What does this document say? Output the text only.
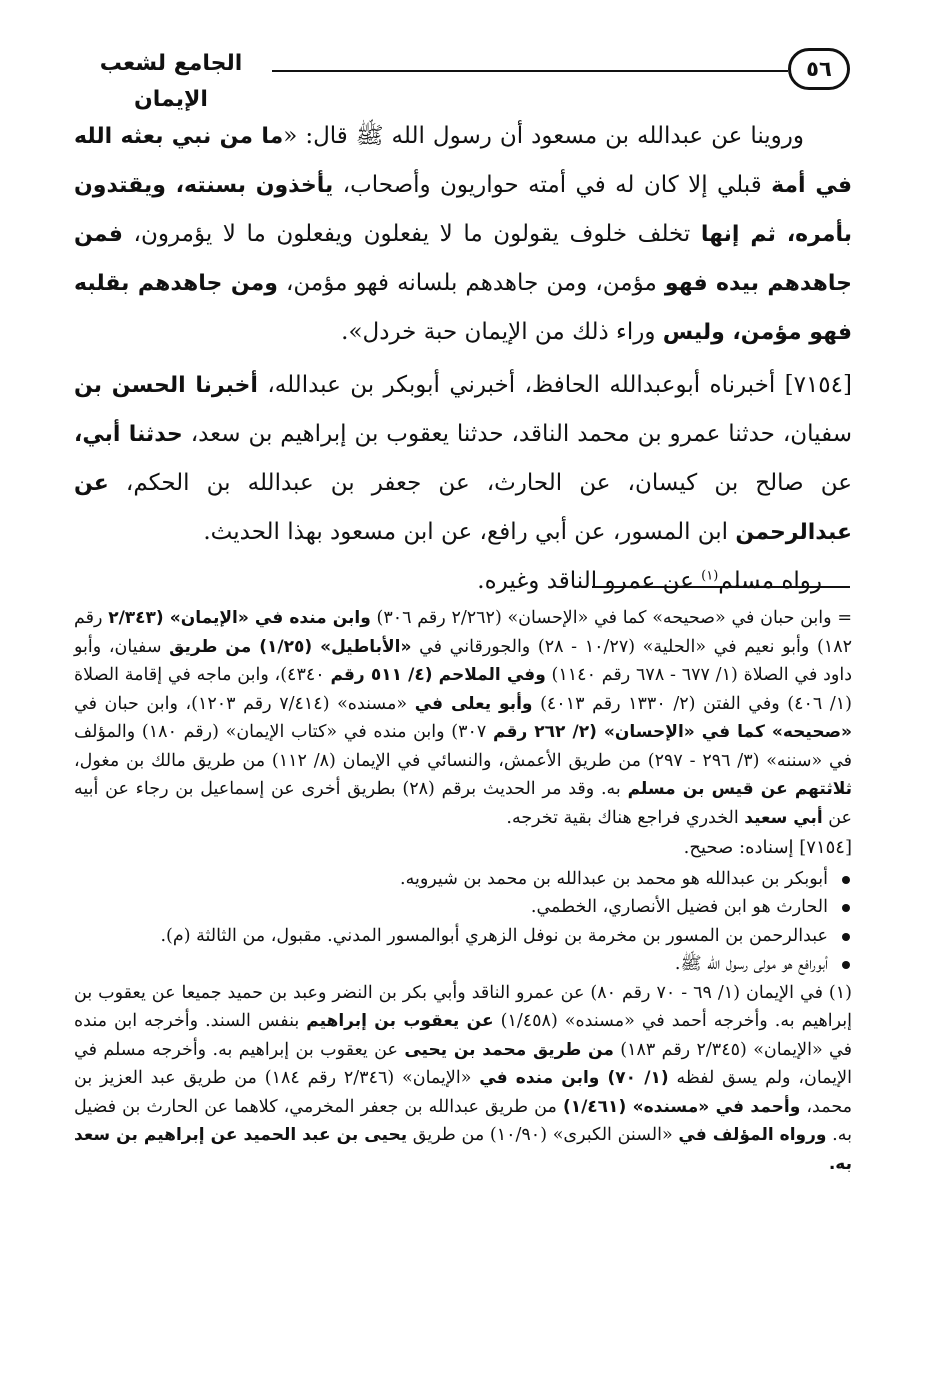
٥٦
الجامع لشعب الإيمان

وروينا عن عبدالله بن مسعود أن رسول الله ﷺ قال: «ما من نبي بعثه الله في أمة قبلي إلا كان له في أمته حواريون وأصحاب، يأخذون بسنته، ويقتدون بأمره، ثم إنها تخلف خلوف يقولون ما لا يفعلون ويفعلون ما لا يؤمرون، فمن جاهدهم بيده فهو مؤمن، ومن جاهدهم بلسانه فهو مؤمن، ومن جاهدهم بقلبه فهو مؤمن، وليس وراء ذلك من الإيمان حبة خردل».

[٧١٥٤] أخبرناه أبوعبدالله الحافظ، أخبرني أبوبكر بن عبدالله، أخبرنا الحسن بن سفيان، حدثنا عمرو بن محمد الناقد، حدثنا يعقوب بن إبراهيم بن سعد، حدثنا أبي، عن صالح بن كيسان، عن الحارث، عن جعفر بن عبدالله بن الحكم، عن عبدالرحمن ابن المسور، عن أبي رافع، عن ابن مسعود بهذا الحديث.

رواه مسلم$^{(١)}$ عن عمرو الناقد وغيره.

= وابن حبان في «صحيحه» كما في «الإحسان» (٢/٢٦٢ رقم ٣٠٦) وابن منده في «الإيمان» (٢/٣٤٣ رقم ١٨٢) وأبو نعيم في «الحلية» (١٠/٢٧ - ٢٨) والجورقاني في «الأباطيل» (١/٢٥) من طريق سفيان، وأبو داود في الصلاة (١/ ٦٧٧ - ٦٧٨ رقم ١١٤٠) وفي الملاحم (٤/ ٥١١ رقم ٤٣٤٠)، وابن ماجه في إقامة الصلاة (١/ ٤٠٦) وفي الفتن (٢/ ١٣٣٠ رقم ٤٠١٣) وأبو يعلى في «مسنده» (٧/٤١٤ رقم ١٢٠٣)، وابن حبان في «صحيحه» كما في «الإحسان» (٢/ ٢٦٢ رقم ٣٠٧) وابن منده في «كتاب الإيمان» (رقم ١٨٠) والمؤلف في «سننه» (٣/ ٢٩٦ - ٢٩٧) من طريق الأعمش، والنسائي في الإيمان (٨/ ١١٢) من طريق مالك بن مغول، ثلاثتهم عن قيس بن مسلم به. وقد مر الحديث برقم (٢٨) بطريق أخرى عن إسماعيل بن رجاء عن أبيه عن أبي سعيد الخدري فراجع هناك بقية تخرجه.

[٧١٥٤] إسناده: صحيح.

أبوبكر بن عبدالله هو محمد بن عبدالله بن محمد بن شيرويه.
الحارث هو ابن فضيل الأنصاري، الخطمي.
عبدالرحمن بن المسور بن مخرمة بن نوفل الزهري أبوالمسور المدني. مقبول، من الثالثة (م).
أبورافع هو مولى رسول الله ﷺ.

(١) في الإيمان (١/ ٦٩ - ٧٠ رقم ٨٠) عن عمرو الناقد وأبي بكر بن النضر وعبد بن حميد جميعا عن يعقوب بن إبراهيم به. وأخرجه أحمد في «مسنده» (١/٤٥٨) عن يعقوب بن إبراهيم بنفس السند. وأخرجه ابن منده في «الإيمان» (٢/٣٤٥ رقم ١٨٣) من طريق محمد بن يحيى عن يعقوب بن إبراهيم به. وأخرجه مسلم في الإيمان، ولم يسق لفظه (١/ ٧٠) وابن منده في «الإيمان» (٢/٣٤٦ رقم ١٨٤) من طريق عبد العزيز بن محمد، وأحمد في «مسنده» (١/٤٦١) من طريق عبدالله بن جعفر المخرمي، كلاهما عن الحارث بن فضيل به. ورواه المؤلف في «السنن الكبرى» (١٠/٩٠) من طريق يحيى بن عبد الحميد عن إبراهيم بن سعد به.
